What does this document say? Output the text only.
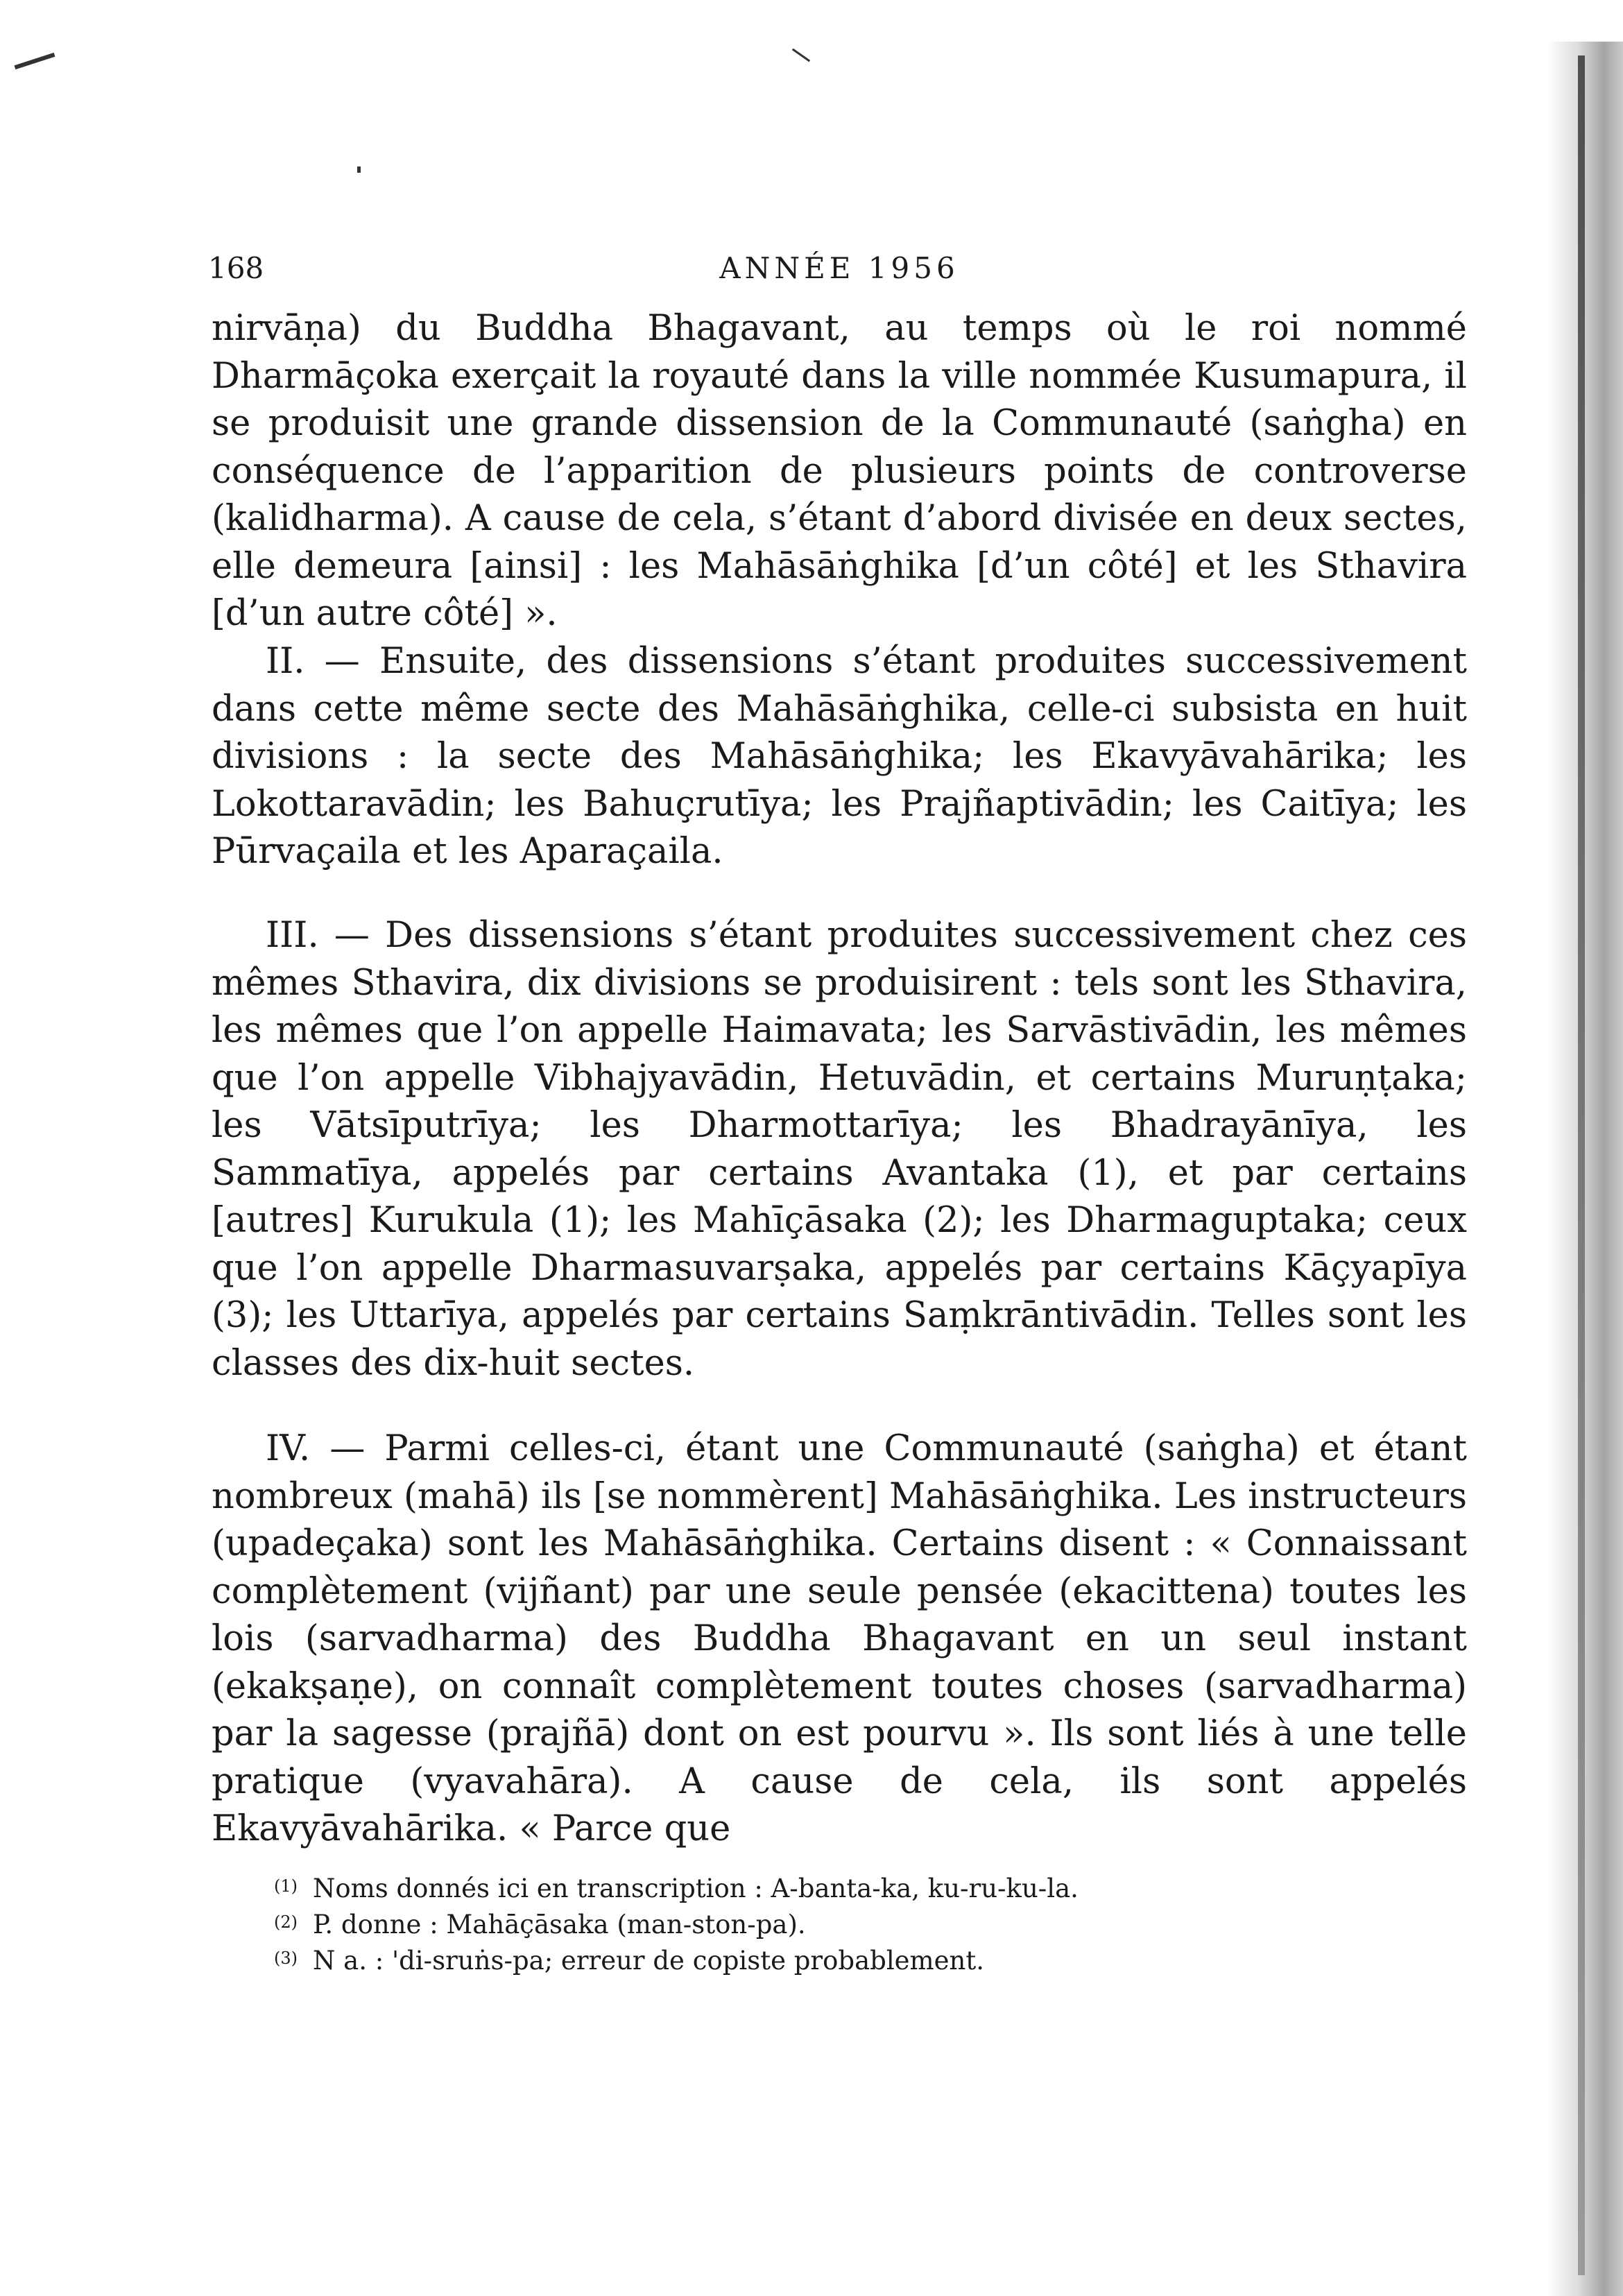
168	ANNÉE 1956

nirvāṇa) du Buddha Bhagavant, au temps où le roi nommé Dharmāçoka exerçait la royauté dans la ville nommée Kusumapura, il se produisit une grande dissension de la Communauté (saṅgha) en conséquence de l’apparition de plusieurs points de controverse (kalidharma). A cause de cela, s’étant d’abord divisée en deux sectes, elle demeura [ainsi] : les Mahāsāṅghika [d’un côté] et les Sthavira [d’un autre côté] ».

II. — Ensuite, des dissensions s’étant produites successivement dans cette même secte des Mahāsāṅghika, celle-ci subsista en huit divisions : la secte des Mahāsāṅghika; les Ekavyāvahārika; les Lokottaravādin; les Bahuçrutīya; les Prajñaptivādin; les Caitīya; les Pūrvaçaila et les Aparaçaila.

III. — Des dissensions s’étant produites successivement chez ces mêmes Sthavira, dix divisions se produisirent : tels sont les Sthavira, les mêmes que l’on appelle Haimavata; les Sarvāstivādin, les mêmes que l’on appelle Vibhajyavādin, Hetuvādin, et certains Muruṇṭaka; les Vātsīputrīya; les Dharmottarīya; les Bhadrayānīya, les Sammatīya, appelés par certains Avantaka (1), et par certains [autres] Kurukula (1); les Mahīçāsaka (2); les Dharmaguptaka; ceux que l’on appelle Dharmasuvarṣaka, appelés par certains Kāçyapīya (3); les Uttarīya, appelés par certains Saṃkrāntivādin. Telles sont les classes des dix-huit sectes.

IV. — Parmi celles-ci, étant une Communauté (saṅgha) et étant nombreux (mahā) ils [se nommèrent] Mahāsāṅghika. Les instructeurs (upadeçaka) sont les Mahāsāṅghika. Certains disent : « Connaissant complètement (vijñant) par une seule pensée (ekacittena) toutes les lois (sarvadharma) des Buddha Bhagavant en un seul instant (ekakṣaṇe), on connaît complètement toutes choses (sarvadharma) par la sagesse (prajñā) dont on est pourvu ». Ils sont liés à une telle pratique (vyavahāra). A cause de cela, ils sont appelés Ekavyāvahārika. « Parce que

$^{(1)}$ Noms donnés ici en transcription : A-banta-ka, ku-ru-ku-la.

$^{(2)}$ P. donne : Mahāçāsaka (man-ston-pa).

$^{(3)}$ N a. : 'di-sruṅs-pa; erreur de copiste probablement.
